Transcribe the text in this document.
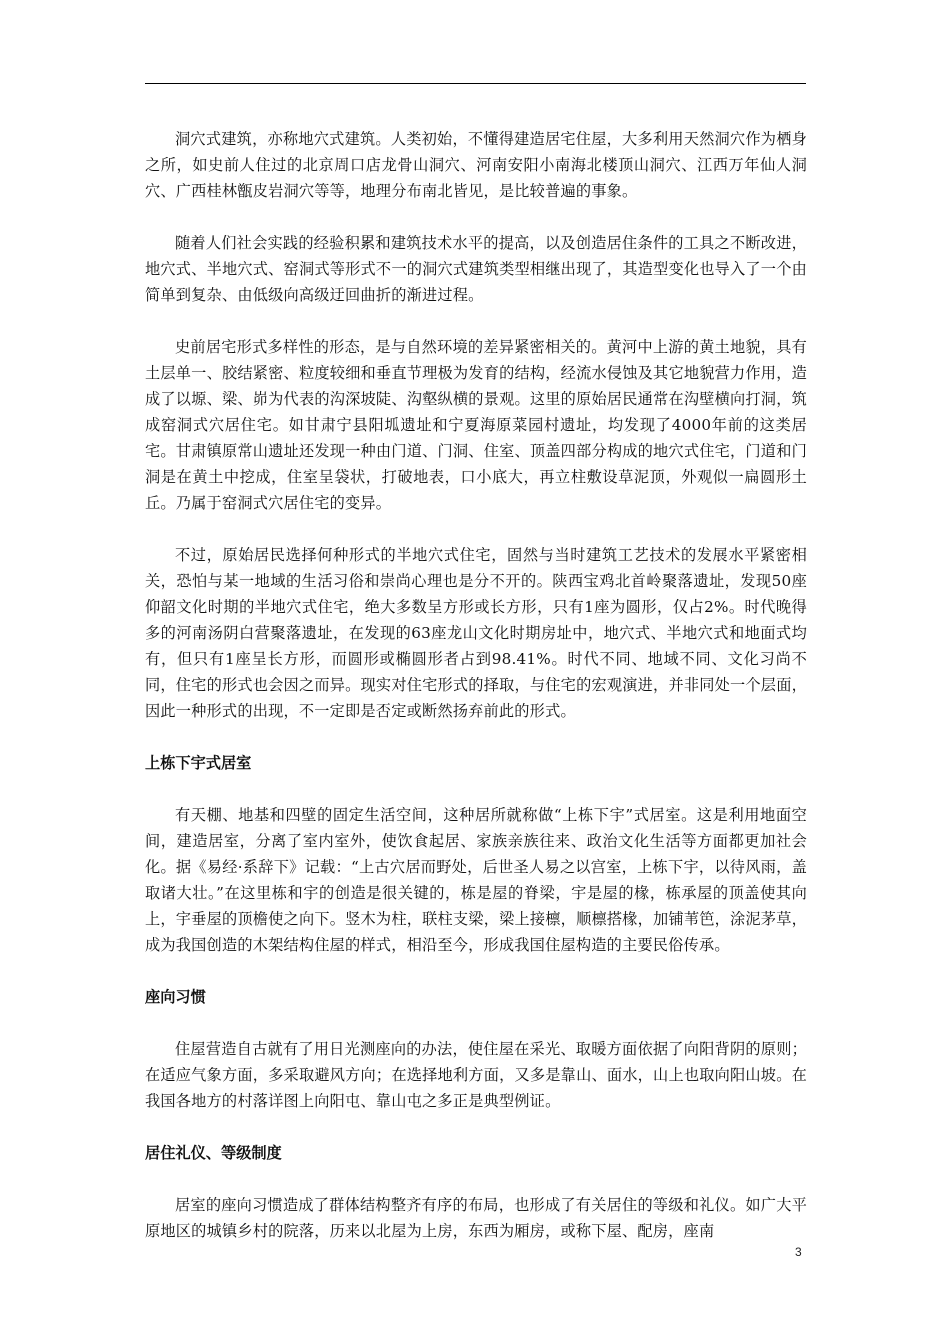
洞穴式建筑，亦称地穴式建筑。人类初始，不懂得建造居宅住屋，大多利用天然洞穴作为栖身之所，如史前人住过的北京周口店龙骨山洞穴、河南安阳小南海北楼顶山洞穴、江西万年仙人洞穴、广西桂林甑皮岩洞穴等等，地理分布南北皆见，是比较普遍的事象。

随着人们社会实践的经验积累和建筑技术水平的提高，以及创造居住条件的工具之不断改进，地穴式、半地穴式、窑洞式等形式不一的洞穴式建筑类型相继出现了，其造型变化也导入了一个由简单到复杂、由低级向高级迂回曲折的渐进过程。

史前居宅形式多样性的形态，是与自然环境的差异紧密相关的。黄河中上游的黄土地貌，具有土层单一、胶结紧密、粒度较细和垂直节理极为发育的结构，经流水侵蚀及其它地貌营力作用，造成了以塬、梁、峁为代表的沟深坡陡、沟壑纵横的景观。这里的原始居民通常在沟壁横向打洞，筑成窑洞式穴居住宅。如甘肃宁县阳坬遗址和宁夏海原菜园村遗址，均发现了4000年前的这类居宅。甘肃镇原常山遗址还发现一种由门道、门洞、住室、顶盖四部分构成的地穴式住宅，门道和门洞是在黄土中挖成，住室呈袋状，打破地表，口小底大，再立柱敷设草泥顶，外观似一扁圆形土丘。乃属于窑洞式穴居住宅的变异。

不过，原始居民选择何种形式的半地穴式住宅，固然与当时建筑工艺技术的发展水平紧密相关，恐怕与某一地域的生活习俗和崇尚心理也是分不开的。陕西宝鸡北首岭聚落遗址，发现50座仰韶文化时期的半地穴式住宅，绝大多数呈方形或长方形，只有1座为圆形，仅占2%。时代晚得多的河南汤阴白营聚落遗址，在发现的63座龙山文化时期房址中，地穴式、半地穴式和地面式均有，但只有1座呈长方形，而圆形或椭圆形者占到98.41%。时代不同、地域不同、文化习尚不同，住宅的形式也会因之而异。现实对住宅形式的择取，与住宅的宏观演进，并非同处一个层面，因此一种形式的出现，不一定即是否定或断然扬弃前此的形式。

上栋下宇式居室

有天棚、地基和四壁的固定生活空间，这种居所就称做“上栋下宇”式居室。这是利用地面空间，建造居室，分离了室内室外，使饮食起居、家族亲族往来、政治文化生活等方面都更加社会化。据《易经·系辞下》记载：“上古穴居而野处，后世圣人易之以宫室，上栋下宇，以待风雨，盖取诸大壮。”在这里栋和宇的创造是很关键的，栋是屋的脊梁，宇是屋的椽，栋承屋的顶盖使其向上，宇垂屋的顶檐使之向下。竖木为柱，联柱支梁，梁上接檩，顺檩搭椽，加铺苇笆，涂泥茅草，成为我国创造的木架结构住屋的样式，相沿至今，形成我国住屋构造的主要民俗传承。

座向习惯

住屋营造自古就有了用日光测座向的办法，使住屋在采光、取暖方面依据了向阳背阴的原则；在适应气象方面，多采取避风方向；在选择地利方面，又多是靠山、面水，山上也取向阳山坡。在我国各地方的村落详图上向阳屯、靠山屯之多正是典型例证。

居住礼仪、等级制度

居室的座向习惯造成了群体结构整齐有序的布局，也形成了有关居住的等级和礼仪。如广大平原地区的城镇乡村的院落，历来以北屋为上房，东西为厢房，或称下屋、配房，座南

3
